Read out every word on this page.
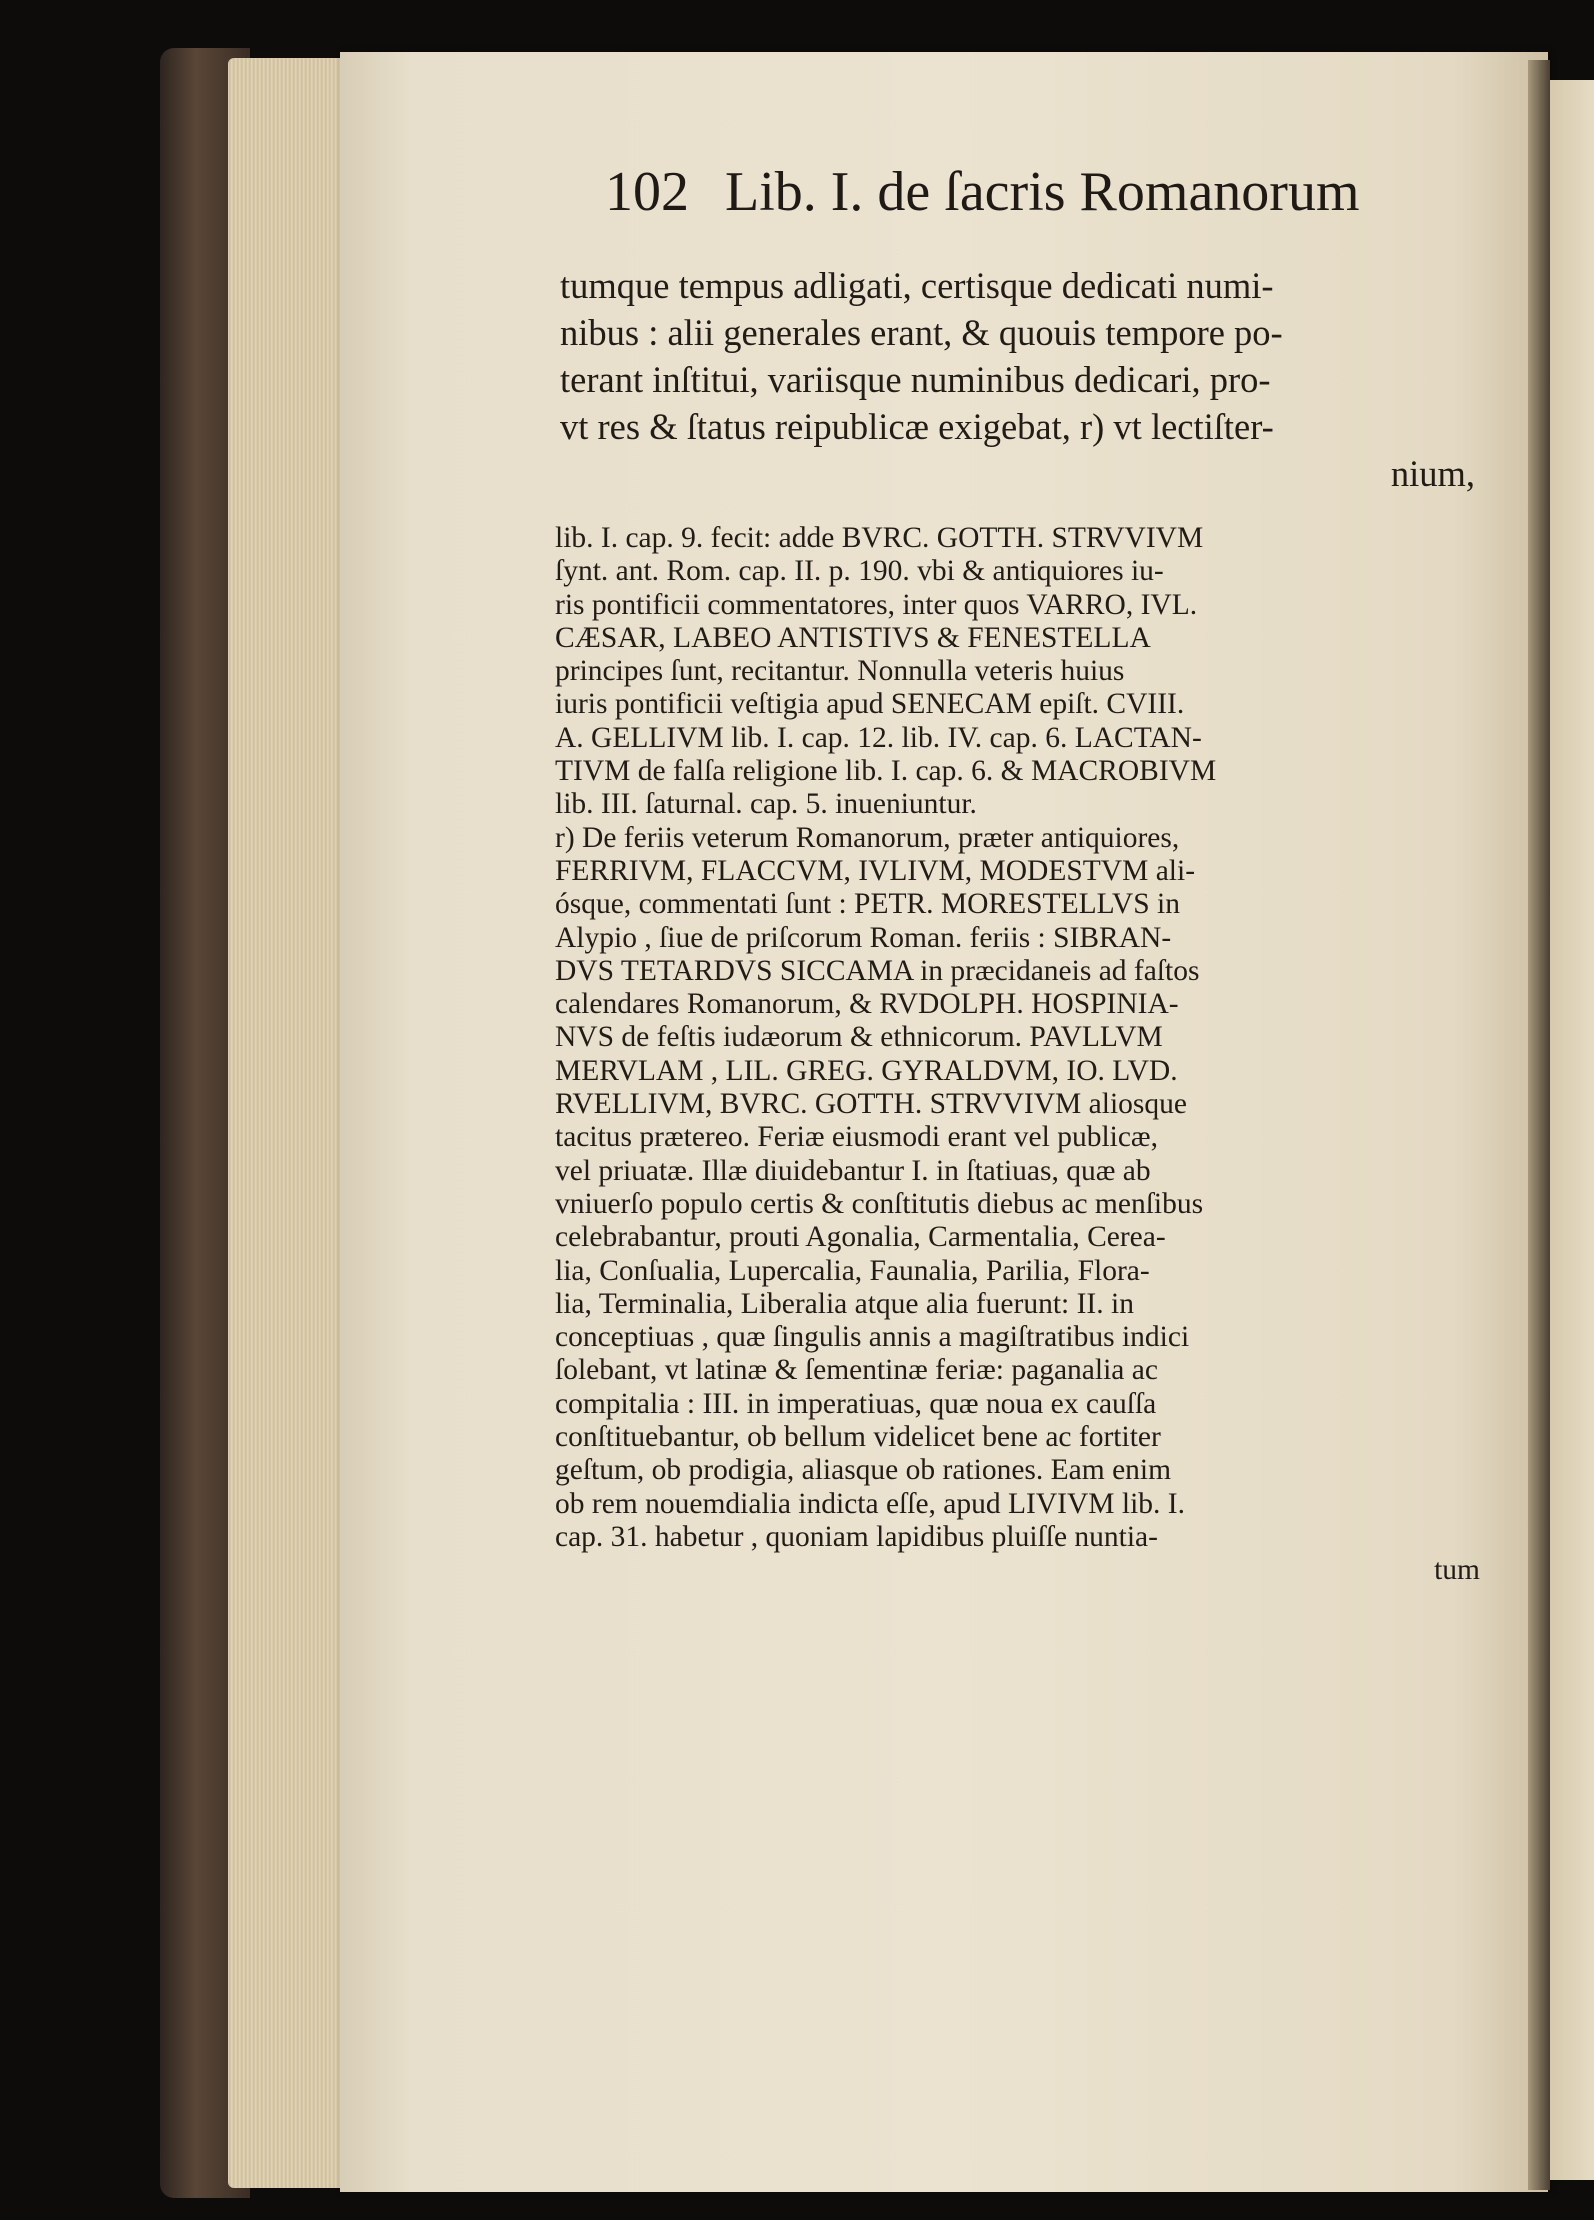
102 Lib. I. de ſacris Romanorum
tumque tempus adligati, certisque dedicati numi-
nibus : alii generales erant, & quouis tempore po-
terant inſtitui, variisque numinibus dedicari, pro-
vt res & ſtatus reipublicæ exigebat, r) vt lectiſter-
nium,
lib. I. cap. 9. fecit: adde BVRC. GOTTH. STRVVIVM
ſynt. ant. Rom. cap. II. p. 190. vbi & antiquiores iu-
ris pontificii commentatores, inter quos VARRO, IVL.
CÆSAR, LABEO ANTISTIVS & FENESTELLA
principes ſunt, recitantur. Nonnulla veteris huius
iuris pontificii veſtigia apud SENECAM epiſt. CVIII.
A. GELLIVM lib. I. cap. 12. lib. IV. cap. 6. LACTAN-
TIVM de falſa religione lib. I. cap. 6. & MACROBIVM
lib. III. ſaturnal. cap. 5. inueniuntur.
r) De feriis veterum Romanorum, præter antiquiores,
FERRIVM, FLACCVM, IVLIVM, MODESTVM ali-
ósque, commentati ſunt : PETR. MORESTELLVS in
Alypio , ſiue de priſcorum Roman. feriis : SIBRAN-
DVS TETARDVS SICCAMA in præcidaneis ad faſtos
calendares Romanorum, & RVDOLPH. HOSPINIA-
NVS de feſtis iudæorum & ethnicorum. PAVLLVM
MERVLAM , LIL. GREG. GYRALDVM, IO. LVD.
RVELLIVM, BVRC. GOTTH. STRVVIVM aliosque
tacitus prætereo. Feriæ eiusmodi erant vel publicæ,
vel priuatæ. Illæ diuidebantur I. in ſtatiuas, quæ ab
vniuerſo populo certis & conſtitutis diebus ac menſibus
celebrabantur, prouti Agonalia, Carmentalia, Cerea-
lia, Conſualia, Lupercalia, Faunalia, Parilia, Flora-
lia, Terminalia, Liberalia atque alia fuerunt: II. in
conceptiuas , quæ ſingulis annis a magiſtratibus indici
ſolebant, vt latinæ & ſementinæ feriæ: paganalia ac
compitalia : III. in imperatiuas, quæ noua ex cauſſa
conſtituebantur, ob bellum videlicet bene ac fortiter
geſtum, ob prodigia, aliasque ob rationes. Eam enim
ob rem nouemdialia indicta eſſe, apud LIVIVM lib. I.
cap. 31. habetur , quoniam lapidibus pluiſſe nuntia-
tum
